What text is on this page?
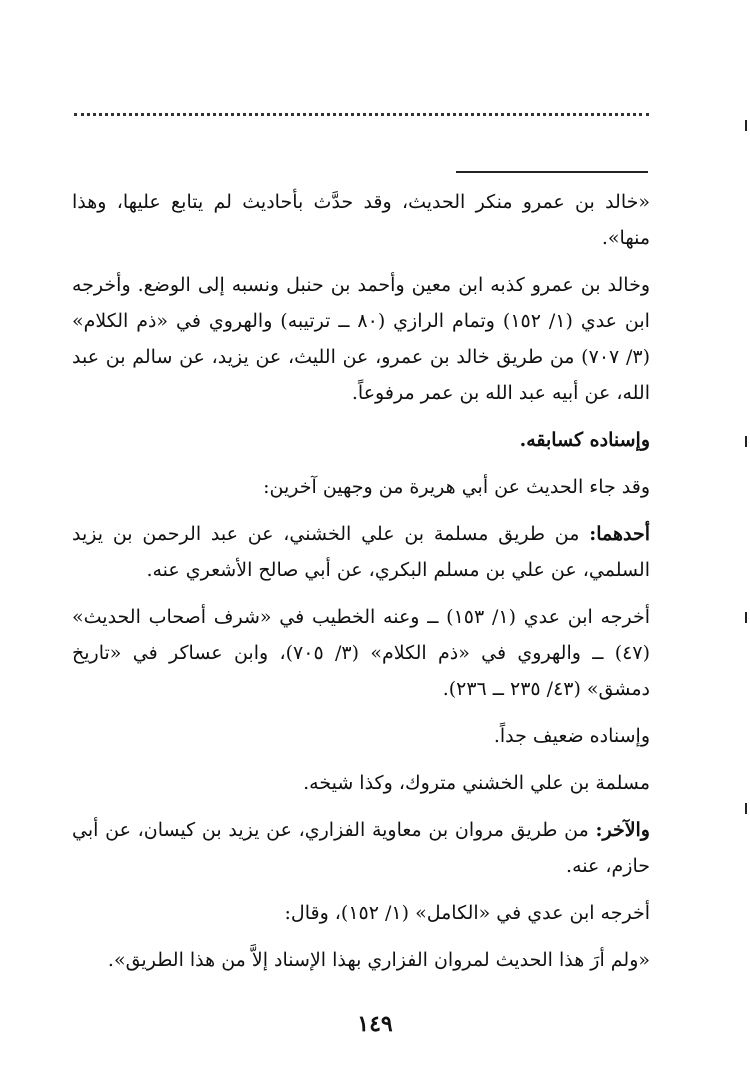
«خالد بن عمرو منكر الحديث، وقد حدَّث بأحاديث لم يتابع عليها، وهذا منها».

وخالد بن عمرو كذبه ابن معين وأحمد بن حنبل ونسبه إلى الوضع. وأخرجه ابن عدي (١/ ١٥٢) وتمام الرازي (٨٠ ــ ترتيبه) والهروي في «ذم الكلام» (٣/ ٧٠٧) من طريق خالد بن عمرو، عن الليث، عن يزيد، عن سالم بن عبد الله، عن أبيه عبد الله بن عمر مرفوعاً.

وإسناده كسابقه.

وقد جاء الحديث عن أبي هريرة من وجهين آخرين:

أحدهما: من طريق مسلمة بن علي الخشني، عن عبد الرحمن بن يزيد السلمي، عن علي بن مسلم البكري، عن أبي صالح الأشعري عنه.

أخرجه ابن عدي (١/ ١٥٣) ــ وعنه الخطيب في «شرف أصحاب الحديث» (٤٧) ــ والهروي في «ذم الكلام» (٣/ ٧٠٥)، وابن عساكر في «تاريخ دمشق» (٤٣/ ٢٣٥ ــ ٢٣٦).

وإسناده ضعيف جداً.

مسلمة بن علي الخشني متروك، وكذا شيخه.

والآخر: من طريق مروان بن معاوية الفزاري، عن يزيد بن كيسان، عن أبي حازم، عنه.

أخرجه ابن عدي في «الكامل» (١/ ١٥٢)، وقال:

«ولم أرَ هذا الحديث لمروان الفزاري بهذا الإسناد إلاَّ من هذا الطريق».

١٤٩
